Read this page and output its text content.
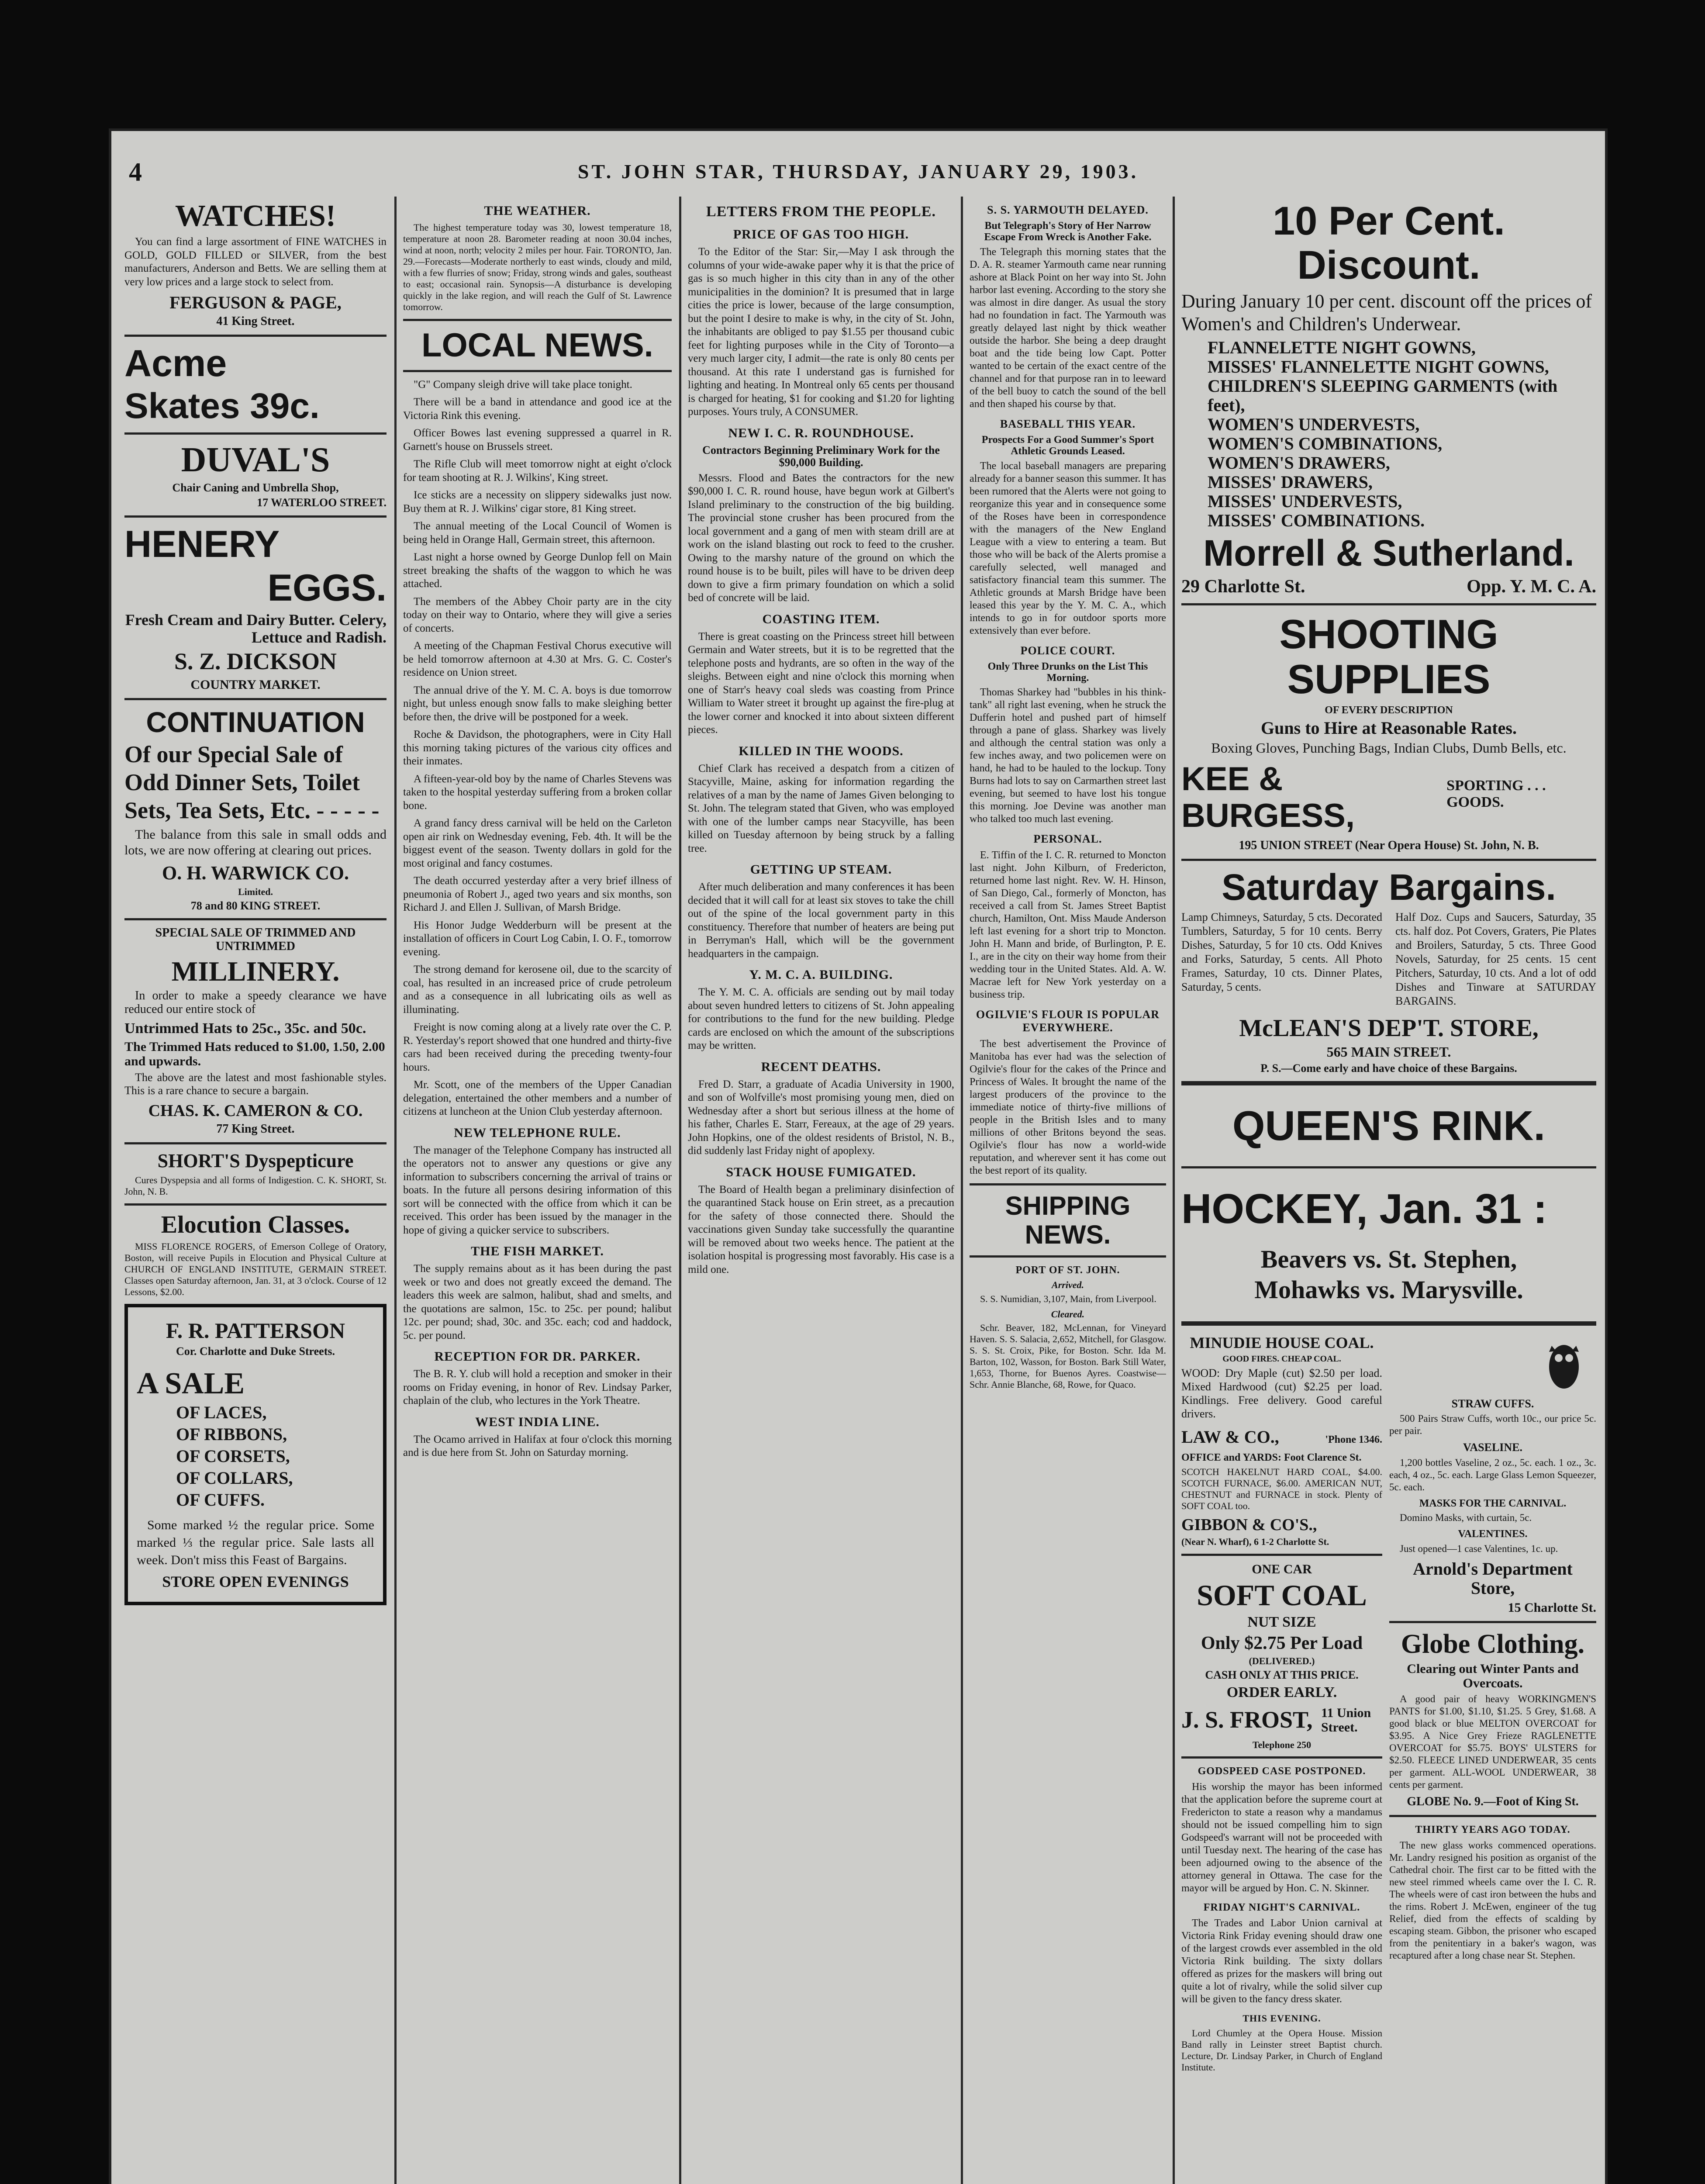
4	ST. JOHN STAR, THURSDAY, JANUARY 29, 1903.
WATCHES!

You can find a large assortment of FINE WATCHES in GOLD, GOLD FILLED or SILVER, from the best manufacturers, Anderson and Betts. We are selling them at very low prices and a large stock to select from.

FERGUSON & PAGE,
41 King Street.
Acme
Skates 39c.
DUVAL'S
Chair Caning and Umbrella Shop,
17 WATERLOO STREET.
HENERY
EGGS.
Fresh Cream and Dairy Butter. Celery, Lettuce and Radish.
S. Z. DICKSON
COUNTRY MARKET.
CONTINUATION
Of our Special Sale of Odd Dinner Sets, Toilet Sets, Tea Sets, Etc. - - - - -

The balance from this sale in small odds and lots, we are now offering at clearing out prices.

O. H. WARWICK CO.
Limited.
78 and 80 KING STREET.
SPECIAL SALE OF TRIMMED AND UNTRIMMED
MILLINERY.

In order to make a speedy clearance we have reduced our entire stock of

Untrimmed Hats to 25c., 35c. and 50c.
The Trimmed Hats reduced to $1.00, 1.50, 2.00 and upwards.

The above are the latest and most fashionable styles. This is a rare chance to secure a bargain.

CHAS. K. CAMERON & CO.
77 King Street.
SHORT'S Dyspepticure

Cures Dyspepsia and all forms of Indigestion. C. K. SHORT, St. John, N. B.

Elocution Classes.

MISS FLORENCE ROGERS, of Emerson College of Oratory, Boston, will receive Pupils in Elocution and Physical Culture at CHURCH OF ENGLAND INSTITUTE, GERMAIN STREET. Classes open Saturday afternoon, Jan. 31, at 3 o'clock. Course of 12 Lessons, $2.00.

F. R. PATTERSON
Cor. Charlotte and Duke Streets.
A SALE
OF LACES,
OF RIBBONS,
OF CORSETS,
OF COLLARS,
OF CUFFS.

Some marked ½ the regular price. Some marked ⅓ the regular price. Sale lasts all week. Don't miss this Feast of Bargains.

STORE OPEN EVENINGS
THE WEATHER.

The highest temperature today was 30, lowest temperature 18, temperature at noon 28. Barometer reading at noon 30.04 inches, wind at noon, north; velocity 2 miles per hour. Fair. TORONTO, Jan. 29.—Forecasts—Moderate northerly to east winds, cloudy and mild, with a few flurries of snow; Friday, strong winds and gales, southeast to east; occasional rain. Synopsis—A disturbance is developing quickly in the lake region, and will reach the Gulf of St. Lawrence tomorrow.

LOCAL NEWS.

"G" Company sleigh drive will take place tonight.

There will be a band in attendance and good ice at the Victoria Rink this evening.

Officer Bowes last evening suppressed a quarrel in R. Garnett's house on Brussels street.

The Rifle Club will meet tomorrow night at eight o'clock for team shooting at R. J. Wilkins', King street.

Ice sticks are a necessity on slippery sidewalks just now. Buy them at R. J. Wilkins' cigar store, 81 King street.

The annual meeting of the Local Council of Women is being held in Orange Hall, Germain street, this afternoon.

Last night a horse owned by George Dunlop fell on Main street breaking the shafts of the waggon to which he was attached.

The members of the Abbey Choir party are in the city today on their way to Ontario, where they will give a series of concerts.

A meeting of the Chapman Festival Chorus executive will be held tomorrow afternoon at 4.30 at Mrs. G. C. Coster's residence on Union street.

The annual drive of the Y. M. C. A. boys is due tomorrow night, but unless enough snow falls to make sleighing better before then, the drive will be postponed for a week.

Roche & Davidson, the photographers, were in City Hall this morning taking pictures of the various city offices and their inmates.

A fifteen-year-old boy by the name of Charles Stevens was taken to the hospital yesterday suffering from a broken collar bone.

A grand fancy dress carnival will be held on the Carleton open air rink on Wednesday evening, Feb. 4th. It will be the biggest event of the season. Twenty dollars in gold for the most original and fancy costumes.

The death occurred yesterday after a very brief illness of pneumonia of Robert J., aged two years and six months, son Richard J. and Ellen J. Sullivan, of Marsh Bridge.

His Honor Judge Wedderburn will be present at the installation of officers in Court Log Cabin, I. O. F., tomorrow evening.

The strong demand for kerosene oil, due to the scarcity of coal, has resulted in an increased price of crude petroleum and as a consequence in all lubricating oils as well as illuminating.

Freight is now coming along at a lively rate over the C. P. R. Yesterday's report showed that one hundred and thirty-five cars had been received during the preceding twenty-four hours.

Mr. Scott, one of the members of the Upper Canadian delegation, entertained the other members and a number of citizens at luncheon at the Union Club yesterday afternoon.

NEW TELEPHONE RULE.

The manager of the Telephone Company has instructed all the operators not to answer any questions or give any information to subscribers concerning the arrival of trains or boats. In the future all persons desiring information of this sort will be connected with the office from which it can be received. This order has been issued by the manager in the hope of giving a quicker service to subscribers.

THE FISH MARKET.

The supply remains about as it has been during the past week or two and does not greatly exceed the demand. The leaders this week are salmon, halibut, shad and smelts, and the quotations are salmon, 15c. to 25c. per pound; halibut 12c. per pound; shad, 30c. and 35c. each; cod and haddock, 5c. per pound.

RECEPTION FOR DR. PARKER.

The B. R. Y. club will hold a reception and smoker in their rooms on Friday evening, in honor of Rev. Lindsay Parker, chaplain of the club, who lectures in the York Theatre.

WEST INDIA LINE.

The Ocamo arrived in Halifax at four o'clock this morning and is due here from St. John on Saturday morning.

LETTERS FROM THE PEOPLE.
PRICE OF GAS TOO HIGH.

To the Editor of the Star: Sir,—May I ask through the columns of your wide-awake paper why it is that the price of gas is so much higher in this city than in any of the other municipalities in the dominion? It is presumed that in large cities the price is lower, because of the large consumption, but the point I desire to make is why, in the city of St. John, the inhabitants are obliged to pay $1.55 per thousand cubic feet for lighting purposes while in the City of Toronto—a very much larger city, I admit—the rate is only 80 cents per thousand. At this rate I understand gas is furnished for lighting and heating. In Montreal only 65 cents per thousand is charged for heating, $1 for cooking and $1.20 for lighting purposes. Yours truly, A CONSUMER.

NEW I. C. R. ROUNDHOUSE.
Contractors Beginning Preliminary Work for the $90,000 Building.

Messrs. Flood and Bates the contractors for the new $90,000 I. C. R. round house, have begun work at Gilbert's Island preliminary to the construction of the big building. The provincial stone crusher has been procured from the local government and a gang of men with steam drill are at work on the island blasting out rock to feed to the crusher. Owing to the marshy nature of the ground on which the round house is to be built, piles will have to be driven deep down to give a firm primary foundation on which a solid bed of concrete will be laid.

COASTING ITEM.

There is great coasting on the Princess street hill between Germain and Water streets, but it is to be regretted that the telephone posts and hydrants, are so often in the way of the sleighs. Between eight and nine o'clock this morning when one of Starr's heavy coal sleds was coasting from Prince William to Water street it brought up against the fire-plug at the lower corner and knocked it into about sixteen different pieces.

KILLED IN THE WOODS.

Chief Clark has received a despatch from a citizen of Stacyville, Maine, asking for information regarding the relatives of a man by the name of James Given belonging to St. John. The telegram stated that Given, who was employed with one of the lumber camps near Stacyville, has been killed on Tuesday afternoon by being struck by a falling tree.

GETTING UP STEAM.

After much deliberation and many conferences it has been decided that it will call for at least six stoves to take the chill out of the spine of the local government party in this constituency. Therefore that number of heaters are being put in Berryman's Hall, which will be the government headquarters in the campaign.

Y. M. C. A. BUILDING.

The Y. M. C. A. officials are sending out by mail today about seven hundred letters to citizens of St. John appealing for contributions to the fund for the new building. Pledge cards are enclosed on which the amount of the subscriptions may be written.

RECENT DEATHS.

Fred D. Starr, a graduate of Acadia University in 1900, and son of Wolfville's most promising young men, died on Wednesday after a short but serious illness at the home of his father, Charles E. Starr, Fereaux, at the age of 29 years. John Hopkins, one of the oldest residents of Bristol, N. B., did suddenly last Friday night of apoplexy.

STACK HOUSE FUMIGATED.

The Board of Health began a preliminary disinfection of the quarantined Stack house on Erin street, as a precaution for the safety of those connected there. Should the vaccinations given Sunday take successfully the quarantine will be removed about two weeks hence. The patient at the isolation hospital is progressing most favorably. His case is a mild one.

S. S. YARMOUTH DELAYED.
But Telegraph's Story of Her Narrow Escape From Wreck is Another Fake.

The Telegraph this morning states that the D. A. R. steamer Yarmouth came near running ashore at Black Point on her way into St. John harbor last evening. According to the story she was almost in dire danger. As usual the story had no foundation in fact. The Yarmouth was greatly delayed last night by thick weather outside the harbor. She being a deep draught boat and the tide being low Capt. Potter wanted to be certain of the exact centre of the channel and for that purpose ran in to leeward of the bell buoy to catch the sound of the bell and then shaped his course by that.

BASEBALL THIS YEAR.
Prospects For a Good Summer's Sport Athletic Grounds Leased.

The local baseball managers are preparing already for a banner season this summer. It has been rumored that the Alerts were not going to reorganize this year and in consequence some of the Roses have been in correspondence with the managers of the New England League with a view to entering a team. But those who will be back of the Alerts promise a carefully selected, well managed and satisfactory financial team this summer. The Athletic grounds at Marsh Bridge have been leased this year by the Y. M. C. A., which intends to go in for outdoor sports more extensively than ever before.

POLICE COURT.
Only Three Drunks on the List This Morning.

Thomas Sharkey had "bubbles in his think-tank" all right last evening, when he struck the Dufferin hotel and pushed part of himself through a pane of glass. Sharkey was lively and although the central station was only a few inches away, and two policemen were on hand, he had to be hauled to the lockup. Tony Burns had lots to say on Carmarthen street last evening, but seemed to have lost his tongue this morning. Joe Devine was another man who talked too much last evening.

PERSONAL.

E. Tiffin of the I. C. R. returned to Moncton last night. John Kilburn, of Fredericton, returned home last night. Rev. W. H. Hinson, of San Diego, Cal., formerly of Moncton, has received a call from St. James Street Baptist church, Hamilton, Ont. Miss Maude Anderson left last evening for a short trip to Moncton. John H. Mann and bride, of Burlington, P. E. I., are in the city on their way home from their wedding tour in the United States. Ald. A. W. Macrae left for New York yesterday on a business trip.

OGILVIE'S FLOUR IS POPULAR EVERYWHERE.

The best advertisement the Province of Manitoba has ever had was the selection of Ogilvie's flour for the cakes of the Prince and Princess of Wales. It brought the name of the largest producers of the province to the immediate notice of thirty-five millions of people in the British Isles and to many millions of other Britons beyond the seas. Ogilvie's flour has now a world-wide reputation, and wherever sent it has come out the best report of its quality.

SHIPPING NEWS.
PORT OF ST. JOHN.
Arrived.

S. S. Numidian, 3,107, Main, from Liverpool.

Cleared.

Schr. Beaver, 182, McLennan, for Vineyard Haven. S. S. Salacia, 2,652, Mitchell, for Glasgow. S. S. St. Croix, Pike, for Boston. Schr. Ida M. Barton, 102, Wasson, for Boston. Bark Still Water, 1,653, Thorne, for Buenos Ayres. Coastwise—Schr. Annie Blanche, 68, Rowe, for Quaco.

10 Per Cent. Discount.
During January 10 per cent. discount off the prices of Women's and Children's Underwear.
FLANNELETTE NIGHT GOWNS,
MISSES' FLANNELETTE NIGHT GOWNS,
CHILDREN'S SLEEPING GARMENTS (with feet),
WOMEN'S UNDERVESTS,
WOMEN'S COMBINATIONS,
WOMEN'S DRAWERS,
MISSES' DRAWERS,
MISSES' UNDERVESTS,
MISSES' COMBINATIONS.
Morrell & Sutherland.
29 Charlotte St.	Opp. Y. M. C. A.
SHOOTING SUPPLIES
OF EVERY DESCRIPTION
Guns to Hire at Reasonable Rates.
Boxing Gloves, Punching Bags, Indian Clubs, Dumb Bells, etc.
KEE & BURGESS,
SPORTING . . . GOODS.
195 UNION STREET (Near Opera House) St. John, N. B.
Saturday Bargains.

Lamp Chimneys, Saturday, 5 cts. Decorated Tumblers, Saturday, 5 for 10 cents. Berry Dishes, Saturday, 5 for 10 cts. Odd Knives and Forks, Saturday, 5 cents. All Photo Frames, Saturday, 10 cts. Dinner Plates, Saturday, 5 cents.

Half Doz. Cups and Saucers, Saturday, 35 cts. half doz. Pot Covers, Graters, Pie Plates and Broilers, Saturday, 5 cts. Three Good Novels, Saturday, for 25 cents. 15 cent Pitchers, Saturday, 10 cts. And a lot of odd Dishes and Tinware at SATURDAY BARGAINS.

McLEAN'S DEP'T. STORE,
565 MAIN STREET.
P. S.—Come early and have choice of these Bargains.
QUEEN'S RINK.
HOCKEY, Jan. 31 :
Beavers vs. St. Stephen,
Mohawks vs. Marysville.
MINUDIE HOUSE COAL.
GOOD FIRES. CHEAP COAL.

WOOD: Dry Maple (cut) $2.50 per load. Mixed Hardwood (cut) $2.25 per load. Kindlings. Free delivery. Good careful drivers.

LAW & CO.,	'Phone 1346.
OFFICE and YARDS: Foot Clarence St.

SCOTCH HAKELNUT HARD COAL, $4.00. SCOTCH FURNACE, $6.00. AMERICAN NUT, CHESTNUT and FURNACE in stock. Plenty of SOFT COAL too.

GIBBON & CO'S.,
(Near N. Wharf), 6 1-2 Charlotte St.
ONE CAR
SOFT COAL
NUT SIZE
Only $2.75 Per Load
(DELIVERED.)
CASH ONLY AT THIS PRICE.
ORDER EARLY.
J. S. FROST, 11 Union Street.
Telephone 250
GODSPEED CASE POSTPONED.

His worship the mayor has been informed that the application before the supreme court at Fredericton to state a reason why a mandamus should not be issued compelling him to sign Godspeed's warrant will not be proceeded with until Tuesday next. The hearing of the case has been adjourned owing to the absence of the attorney general in Ottawa. The case for the mayor will be argued by Hon. C. N. Skinner.

FRIDAY NIGHT'S CARNIVAL.

The Trades and Labor Union carnival at Victoria Rink Friday evening should draw one of the largest crowds ever assembled in the old Victoria Rink building. The sixty dollars offered as prizes for the maskers will bring out quite a lot of rivalry, while the solid silver cup will be given to the fancy dress skater.

THIS EVENING.

Lord Chumley at the Opera House. Mission Band rally in Leinster street Baptist church. Lecture, Dr. Lindsay Parker, in Church of England Institute.

STRAW CUFFS.

500 Pairs Straw Cuffs, worth 10c., our price 5c. per pair.

VASELINE.

1,200 bottles Vaseline, 2 oz., 5c. each. 1 oz., 3c. each, 4 oz., 5c. each. Large Glass Lemon Squeezer, 5c. each.

MASKS FOR THE CARNIVAL.

Domino Masks, with curtain, 5c.

VALENTINES.

Just opened—1 case Valentines, 1c. up.

Arnold's Department Store,
15 Charlotte St.
Globe Clothing.
Clearing out Winter Pants and Overcoats.

A good pair of heavy WORKINGMEN'S PANTS for $1.00, $1.10, $1.25. 5 Grey, $1.68. A good black or blue MELTON OVERCOAT for $3.95. A Nice Grey Frieze RAGLENETTE OVERCOAT for $5.75. BOYS' ULSTERS for $2.50. FLEECE LINED UNDERWEAR, 35 cents per garment. ALL-WOOL UNDERWEAR, 38 cents per garment.

GLOBE No. 9.—Foot of King St.
THIRTY YEARS AGO TODAY.

The new glass works commenced operations. Mr. Landry resigned his position as organist of the Cathedral choir. The first car to be fitted with the new steel rimmed wheels came over the I. C. R. The wheels were of cast iron between the hubs and the rims. Robert J. McEwen, engineer of the tug Relief, died from the effects of scalding by escaping steam. Gibbon, the prisoner who escaped from the penitentiary in a baker's wagon, was recaptured after a long chase near St. Stephen.
